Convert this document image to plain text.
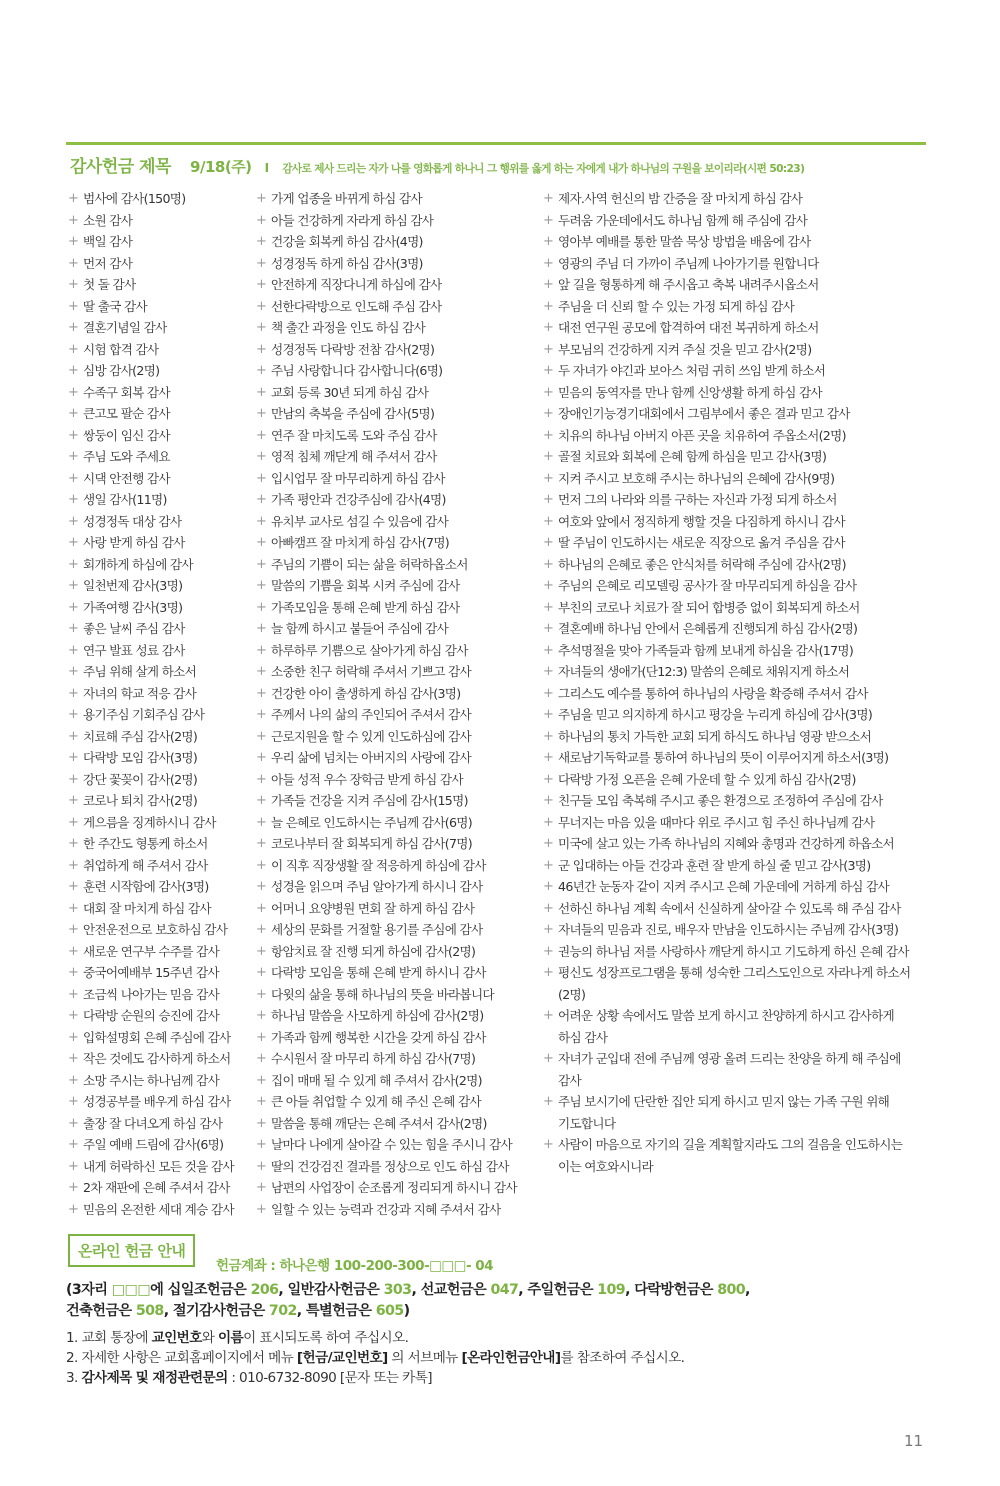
감사헌금 제목 9/18(주) I 감사로 제사 드리는 자가 나를 영화롭게 하나니 그 행위를 옳게 하는 자에게 내가 하나님의 구원을 보이리라(시편 50:23)
+ 범사에 감사(150명)
+ 소원 감사
+ 백일 감사
+ 먼저 감사
+ 첫 돌 감사
+ 딸 출국 감사
+ 결혼기념일 감사
+ 시험 합격 감사
+ 심방 감사(2명)
+ 수족구 회복 감사
+ 큰고모 팔순 감사
+ 쌍둥이 임신 감사
+ 주님 도와 주세요
+ 시댁 안전행 감사
+ 생일 감사(11명)
+ 성경정독 대상 감사
+ 사랑 받게 하심 감사
+ 회개하게 하심에 감사
+ 일천번제 감사(3명)
+ 가족여행 감사(3명)
+ 좋은 날씨 주심 감사
+ 연구 발표 성료 감사
+ 주님 위해 살게 하소서
+ 자녀의 학교 적응 감사
+ 용기주심 기회주심 감사
+ 치료해 주심 감사(2명)
+ 다락방 모임 감사(3명)
+ 강단 꽃꽂이 감사(2명)
+ 코로나 퇴치 감사(2명)
+ 게으름을 징계하시니 감사
+ 한 주간도 형통케 하소서
+ 취업하게 해 주셔서 감사
+ 훈련 시작함에 감사(3명)
+ 대회 잘 마치게 하심 감사
+ 안전운전으로 보호하심 감사
+ 새로운 연구부 수주를 감사
+ 중국어예배부 15주년 감사
+ 조금씩 나아가는 믿음 감사
+ 다락방 순원의 승진에 감사
+ 입학설명회 은혜 주심에 감사
+ 작은 것에도 감사하게 하소서
+ 소망 주시는 하나님께 감사
+ 성경공부를 배우게 하심 감사
+ 출장 잘 다녀오게 하심 감사
+ 주일 예배 드림에 감사(6명)
+ 내게 허락하신 모든 것을 감사
+ 2차 재판에 은혜 주셔서 감사
+ 믿음의 온전한 세대 계승 감사
+ 가게 업종을 바뀌게 하심 감사
+ 아들 건강하게 자라게 하심 감사
+ 건강을 회복케 하심 감사(4명)
+ 성경정독 하게 하심 감사(3명)
+ 안전하게 직장다니게 하심에 감사
+ 선한다락방으로 인도해 주심 감사
+ 책 출간 과정을 인도 하심 감사
+ 성경정독 다락방 전참 감사(2명)
+ 주님 사랑합니다 감사합니다(6명)
+ 교회 등록 30년 되게 하심 감사
+ 만남의 축복을 주심에 감사(5명)
+ 연주 잘 마치도록 도와 주심 감사
+ 영적 침체 깨닫게 해 주셔서 감사
+ 입시업무 잘 마무리하게 하심 감사
+ 가족 평안과 건강주심에 감사(4명)
+ 유치부 교사로 섬길 수 있음에 감사
+ 아빠캠프 잘 마치게 하심 감사(7명)
+ 주님의 기쁨이 되는 삶을 허락하옵소서
+ 말씀의 기쁨을 회복 시켜 주심에 감사
+ 가족모임을 통해 은혜 받게 하심 감사
+ 늘 함께 하시고 붙들어 주심에 감사
+ 하루하루 기쁨으로 살아가게 하심 감사
+ 소중한 친구 허락해 주셔서 기쁘고 감사
+ 건강한 아이 출생하게 하심 감사(3명)
+ 주께서 나의 삶의 주인되어 주셔서 감사
+ 근로지원을 할 수 있게 인도하심에 감사
+ 우리 삶에 넘치는 아버지의 사랑에 감사
+ 아들 성적 우수 장학금 받게 하심 감사
+ 가족들 건강을 지켜 주심에 감사(15명)
+ 늘 은혜로 인도하시는 주님께 감사(6명)
+ 코로나부터 잘 회복되게 하심 감사(7명)
+ 이 직후 직장생활 잘 적응하게 하심에 감사
+ 성경을 읽으며 주님 알아가게 하시니 감사
+ 어머니 요양병원 면회 잘 하게 하심 감사
+ 세상의 문화를 거절할 용기를 주심에 감사
+ 항암치료 잘 진행 되게 하심에 감사(2명)
+ 다락방 모임을 통해 은혜 받게 하시니 감사
+ 다윗의 삶을 통해 하나님의 뜻을 바라봅니다
+ 하나님 말씀을 사모하게 하심에 감사(2명)
+ 가족과 함께 행복한 시간을 갖게 하심 감사
+ 수시원서 잘 마무리 하게 하심 감사(7명)
+ 집이 매매 될 수 있게 해 주셔서 감사(2명)
+ 큰 아들 취업할 수 있게 해 주신 은혜 감사
+ 말씀을 통해 깨닫는 은혜 주셔서 감사(2명)
+ 날마다 나에게 살아갈 수 있는 힘을 주시니 감사
+ 딸의 건강검진 결과를 정상으로 인도 하심 감사
+ 남편의 사업장이 순조롭게 정리되게 하시니 감사
+ 일할 수 있는 능력과 건강과 지혜 주셔서 감사
+ 제자.사역 헌신의 밤 간증을 잘 마치게 하심 감사
+ 두려움 가운데에서도 하나님 함께 해 주심에 감사
+ 영아부 예배를 통한 말씀 묵상 방법을 배움에 감사
+ 영광의 주님 더 가까이 주님께 나아가기를 원합니다
+ 앞 길을 형통하게 해 주시옵고 축복 내려주시옵소서
+ 주님을 더 신뢰 할 수 있는 가정 되게 하심 감사
+ 대전 연구원 공모에 합격하여 대전 복귀하게 하소서
+ 부모님의 건강하게 지켜 주실 것을 믿고 감사(2명)
+ 두 자녀가 야긴과 보아스 처럼 귀히 쓰임 받게 하소서
+ 믿음의 동역자를 만나 함께 신앙생활 하게 하심 감사
+ 장애인기능경기대회에서 그림부에서 좋은 결과 믿고 감사
+ 치유의 하나님 아버지 아픈 곳을 치유하여 주옵소서(2명)
+ 골절 치료와 회복에 은혜 함께 하심을 믿고 감사(3명)
+ 지켜 주시고 보호해 주시는 하나님의 은혜에 감사(9명)
+ 먼저 그의 나라와 의를 구하는 자신과 가정 되게 하소서
+ 여호와 앞에서 정직하게 행할 것을 다짐하게 하시니 감사
+ 딸 주님이 인도하시는 새로운 직장으로 옮겨 주심을 감사
+ 하나님의 은혜로 좋은 안식처를 허락해 주심에 감사(2명)
+ 주님의 은혜로 리모델링 공사가 잘 마무리되게 하심을 감사
+ 부친의 코로나 치료가 잘 되어 합병증 없이 회복되게 하소서
+ 결혼예배 하나님 안에서 은혜롭게 진행되게 하심 감사(2명)
+ 추석명절을 맞아 가족들과 함께 보내게 하심을 감사(17명)
+ 자녀들의 생애가(단12:3) 말씀의 은혜로 채워지게 하소서
+ 그리스도 예수를 통하여 하나님의 사랑을 확증해 주셔서 감사
+ 주님을 믿고 의지하게 하시고 평강을 누리게 하심에 감사(3명)
+ 하나님의 통치 가득한 교회 되게 하식도 하나님 영광 받으소서
+ 새로남기독학교를 통하여 하나님의 뜻이 이루어지게 하소서(3명)
+ 다락방 가정 오픈을 은혜 가운데 할 수 있게 하심 감사(2명)
+ 친구들 모임 축복해 주시고 좋은 환경으로 조정하여 주심에 감사
+ 무너지는 마음 있을 때마다 위로 주시고 힘 주신 하나님께 감사
+ 미국에 살고 있는 가족 하나님의 지혜와 총명과 건강하게 하옵소서
+ 군 입대하는 아들 건강과 훈련 잘 받게 하실 줄 믿고 감사(3명)
+ 46년간 눈동자 같이 지켜 주시고 은혜 가운데에 거하게 하심 감사
+ 선하신 하나님 계획 속에서 신실하게 살아갈 수 있도록 해 주심 감사
+ 자녀들의 믿음과 진로, 배우자 만남을 인도하시는 주님께 감사(3명)
+ 권능의 하나님 저를 사랑하사 깨닫게 하시고 기도하게 하신 은혜 감사
+ 평신도 성장프로그램을 통해 성숙한 그리스도인으로 자라나게 하소서
(2명)
+ 어려운 상황 속에서도 말씀 보게 하시고 찬양하게 하시고 감사하게
하심 감사
+ 자녀가 군입대 전에 주님께 영광 올려 드리는 찬양을 하게 해 주심에
감사
+ 주님 보시기에 단란한 집안 되게 하시고 믿지 않는 가족 구원 위해
기도합니다
+ 사람이 마음으로 자기의 길을 계획할지라도 그의 걸음을 인도하시는
이는 여호와시니라
온라인 헌금 안내
헌금계좌 : 하나은행 100-200-300-□□□- 04
(3자리 □□□에 십일조헌금은 206, 일반감사헌금은 303, 선교헌금은 047, 주일헌금은 109, 다락방헌금은 800,
건축헌금은 508, 절기감사헌금은 702, 특별헌금은 605)
1. 교회 통장에 교인번호와 이름이 표시되도록 하여 주십시오.
2. 자세한 사항은 교회홈페이지에서 메뉴 [헌금/교인번호] 의 서브메뉴 [온라인헌금안내]를 참조하여 주십시오.
3. 감사제목 및 재정관련문의 : 010-6732-8090 [문자 또는 카톡]
11
